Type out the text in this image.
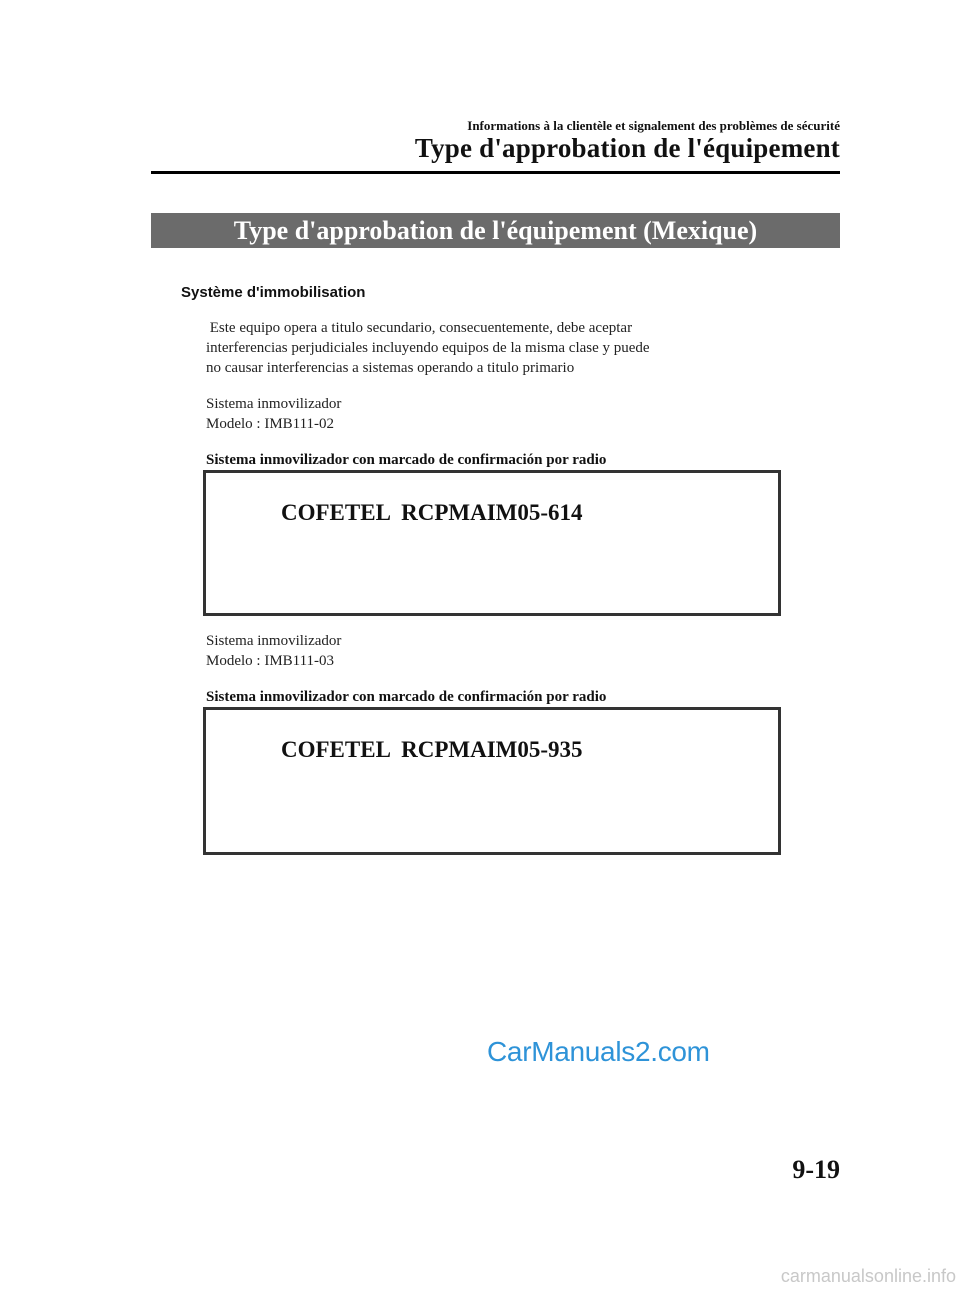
Informations à la clientèle et signalement des problèmes de sécurité
Type d'approbation de l'équipement
Type d'approbation de l'équipement (Mexique)
Système d'immobilisation
Este equipo opera a titulo secundario, consecuentemente, debe aceptar
interferencias perjudiciales incluyendo equipos de la misma clase y puede
no causar interferencias a sistemas operando a titulo primario
Sistema inmovilizador
Modelo : IMB111-02
Sistema inmovilizador con marcado de confirmación por radio
COFETEL  RCPMAIM05-614
Sistema inmovilizador
Modelo : IMB111-03
Sistema inmovilizador con marcado de confirmación por radio
COFETEL  RCPMAIM05-935
CarManuals2.com
9-19
carmanualsonline.info
